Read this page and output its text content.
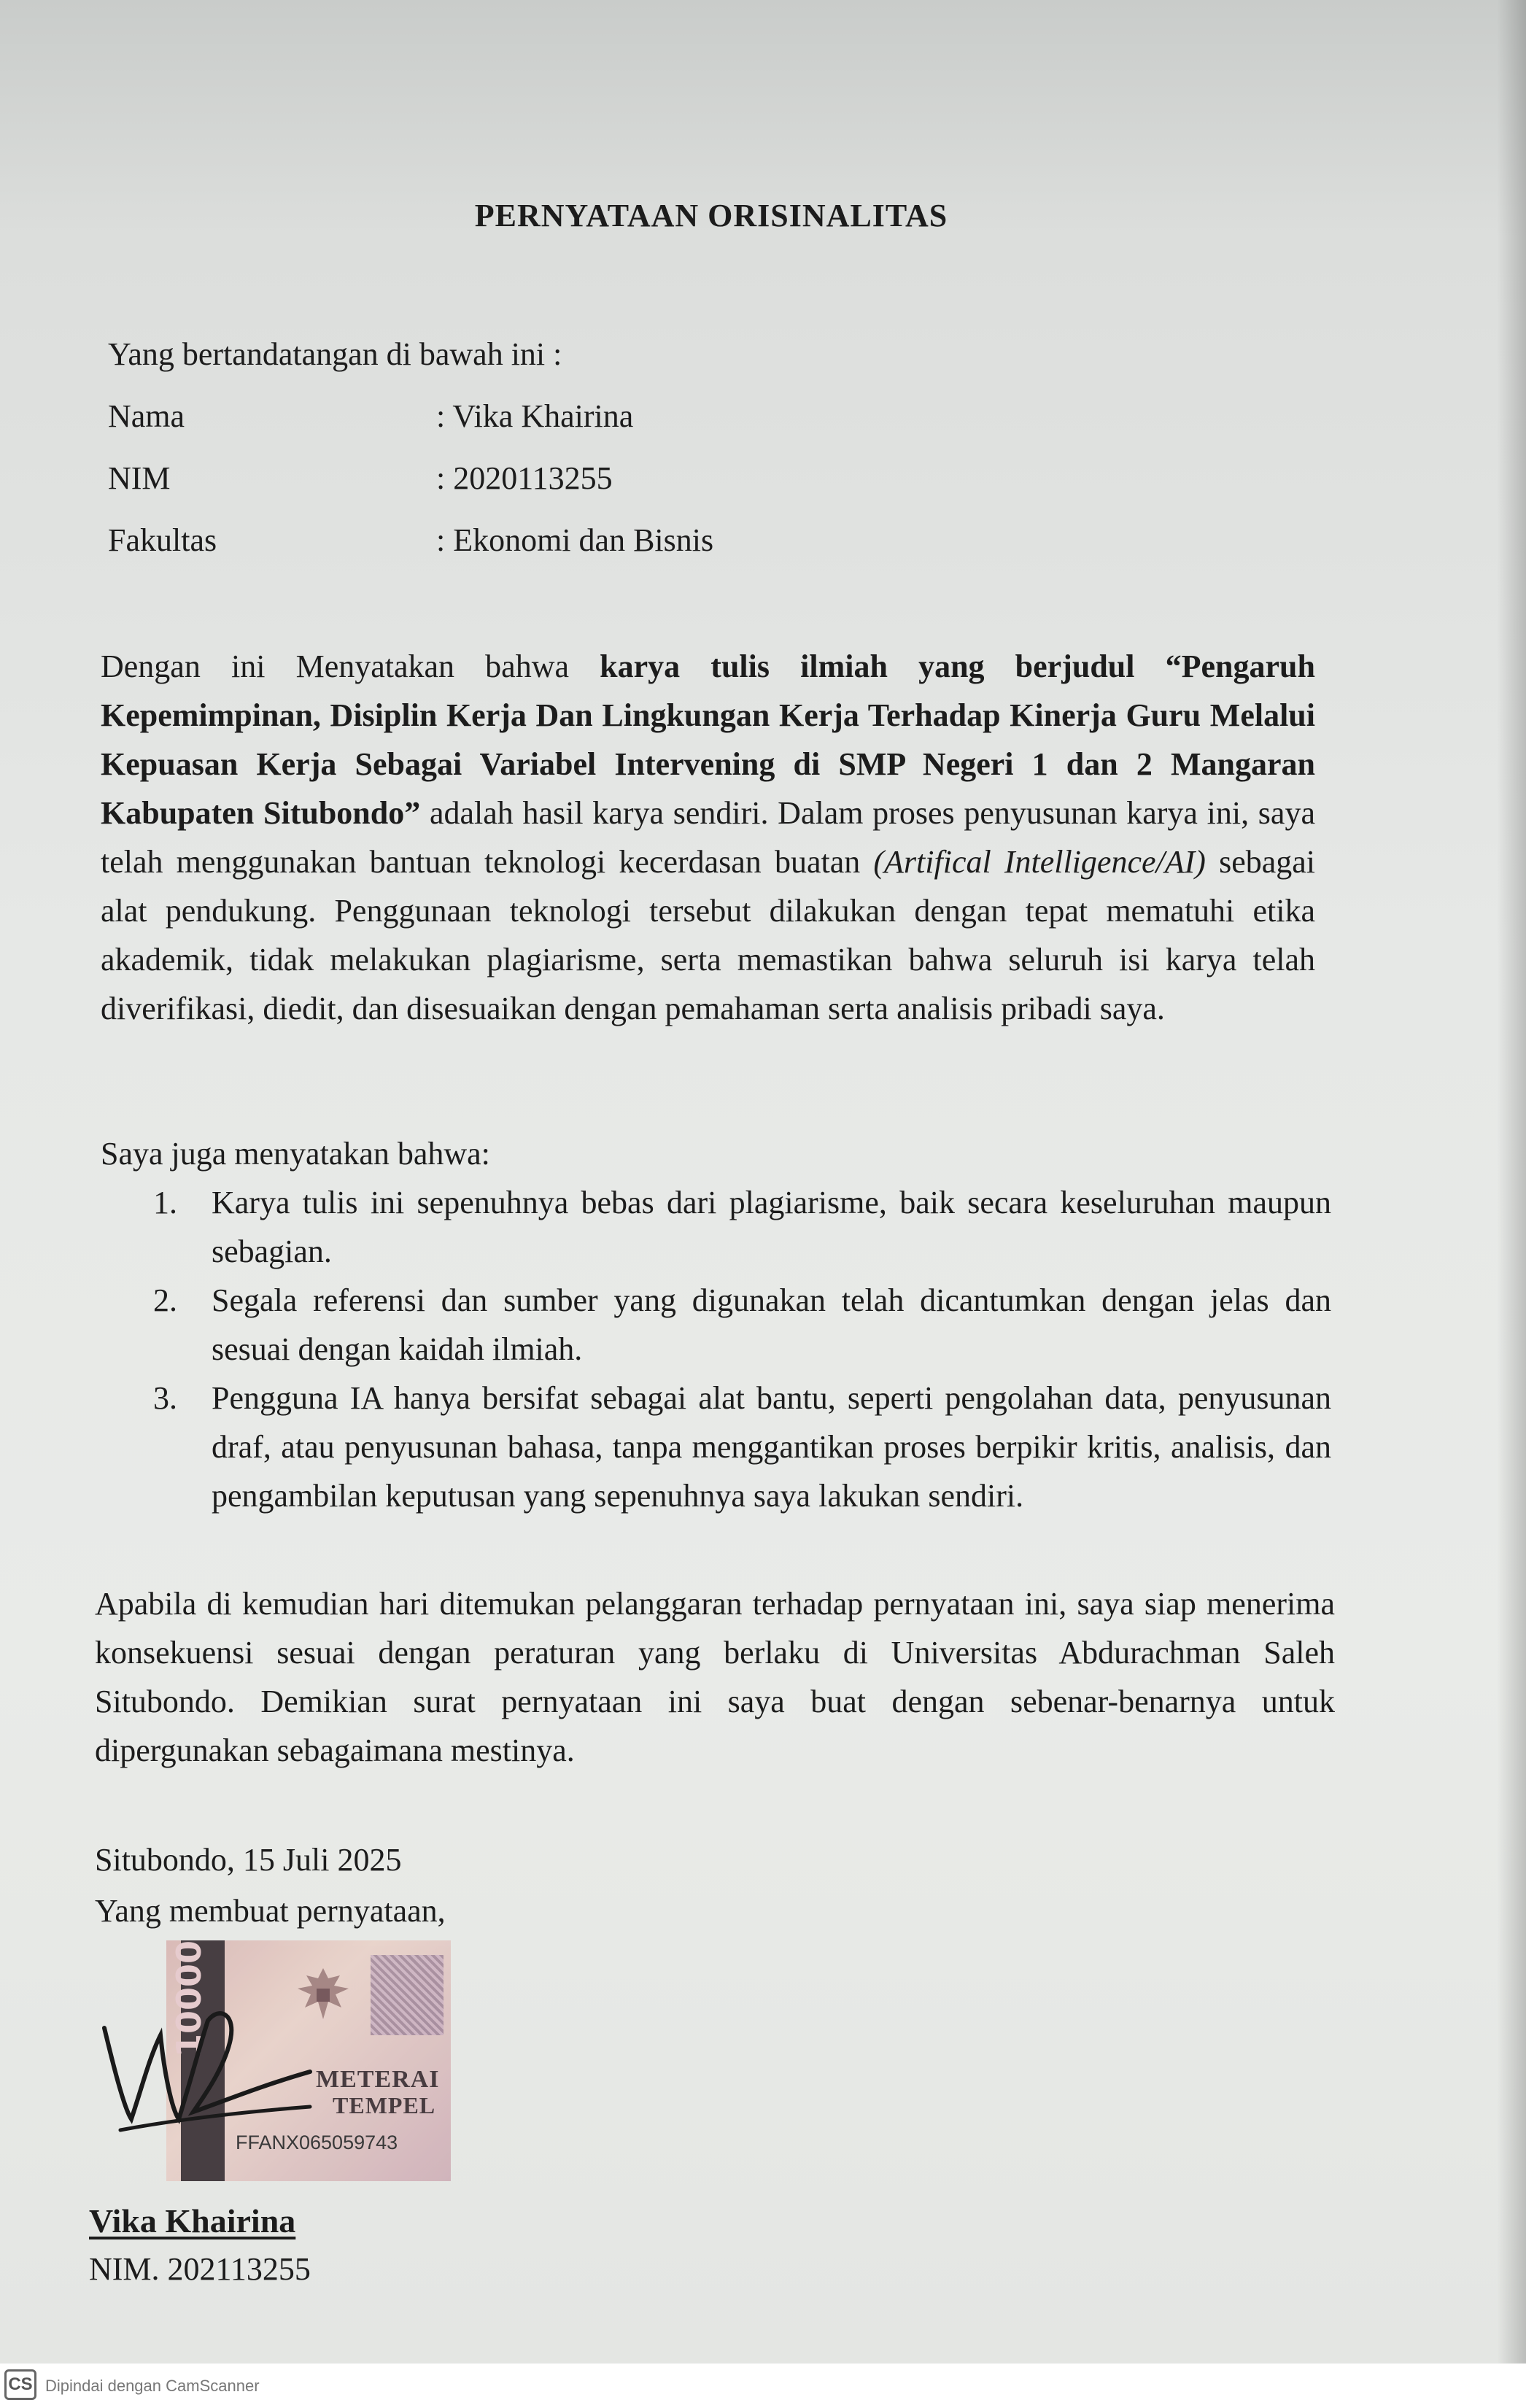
PERNYATAAN ORISINALITAS
Yang bertandatangan di bawah ini :
Nama	: Vika Khairina
NIM	: 2020113255
Fakultas	: Ekonomi dan Bisnis
Dengan ini Menyatakan bahwa karya tulis ilmiah yang berjudul “Pengaruh Kepemimpinan, Disiplin Kerja Dan Lingkungan Kerja Terhadap Kinerja Guru Melalui Kepuasan Kerja Sebagai Variabel Intervening di SMP Negeri 1 dan 2 Mangaran Kabupaten Situbondo” adalah hasil karya sendiri. Dalam proses penyusunan karya ini, saya telah menggunakan bantuan teknologi kecerdasan buatan (Artifical Intelligence/AI) sebagai alat pendukung. Penggunaan teknologi tersebut dilakukan dengan tepat mematuhi etika akademik, tidak melakukan plagiarisme, serta memastikan bahwa seluruh isi karya telah diverifikasi, diedit, dan disesuaikan dengan pemahaman serta analisis pribadi saya.
Saya juga menyatakan bahwa:
1. Karya tulis ini sepenuhnya bebas dari plagiarisme, baik secara keseluruhan maupun sebagian.
2. Segala referensi dan sumber yang digunakan telah dicantumkan dengan jelas dan sesuai dengan kaidah ilmiah.
3. Pengguna IA hanya bersifat sebagai alat bantu, seperti pengolahan data, penyusunan draf, atau penyusunan bahasa, tanpa menggantikan proses berpikir kritis, analisis, dan pengambilan keputusan yang sepenuhnya saya lakukan sendiri.
Apabila di kemudian hari ditemukan pelanggaran terhadap pernyataan ini, saya siap menerima konsekuensi sesuai dengan peraturan yang berlaku di Universitas Abdurachman Saleh Situbondo. Demikian surat pernyataan ini saya buat dengan sebenar-benarnya untuk dipergunakan sebagaimana mestinya.
Situbondo, 15 Juli 2025
Yang membuat pernyataan,
10000
METERAI
TEMPEL
FFANX065059743
Vika Khairina
NIM. 202113255
CS Dipindai dengan CamScanner
